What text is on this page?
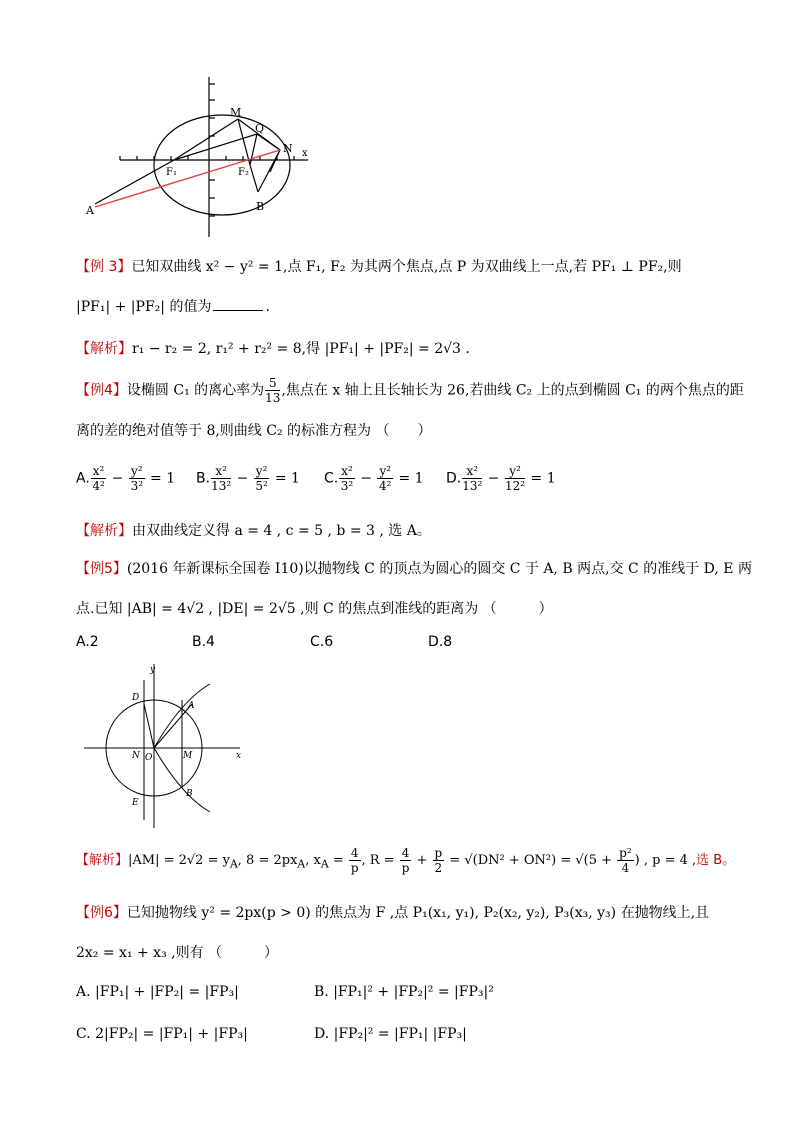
M
Q
N x
F₁	F₂
A	B
【例 3】已知双曲线 x² − y² = 1,点 F₁, F₂ 为其两个焦点,点 P 为双曲线上一点,若 PF₁ ⊥ PF₂,则
|PF₁| + |PF₂| 的值为	.
【解析】r₁ − r₂ = 2, r₁² + r₂² = 8,得 |PF₁| + |PF₂| = 2√3 .
【例4】设椭圆 C₁ 的离心率为 $\frac{5}{13}$ ,焦点在 x 轴上且长轴长为 26,若曲线 C₂ 上的点到椭圆 C₁ 的两个焦点的距
离的差的绝对值等于 8,则曲线 C₂ 的标准方程为 （　　）
A. $\frac{\text{x²}}{\text{4²}} - \frac{\text{y²}}{\text{3²}} = 1$ B. $\frac{\text{x²}}{\text{13²}} - \frac{\text{y²}}{\text{5²}} = 1$ C. $\frac{\text{x²}}{\text{3²}} - \frac{\text{y²}}{\text{4²}} = 1$ D. $\frac{\text{x²}}{\text{13²}} - \frac{\text{y²}}{\text{12²}} = 1$
【解析】由双曲线定义得 a = 4 , c = 5 , b = 3 , 选 A。
【例5】(2016 年新课标全国卷 I10)以抛物线 C 的顶点为圆心的圆交 C 于 A, B 两点,交 C 的准线于 D, E 两
点.已知 |AB| = 4√2 , |DE| = 2√5 ,则 C 的焦点到准线的距离为 （　　　）
A.2	B.4	C.6	D.8
y
D
A
N O	M	x
E
B
【解析】$|AM| = 2√2 = y_A$, $8 = 2px_A$, $x_A = \frac{4}{p}$ , $R = \frac{4}{p} + \frac{p}{2} = √(DN^2 + ON^2) = √(5 + \frac{\text{p²}}{4}$ ) , p = 4 ,选 B。
【例6】已知抛物线 y² = 2px(p > 0) 的焦点为 F ,点 P₁(x₁, y₁), P₂(x₂, y₂), P₃(x₃, y₃) 在抛物线上,且
2x₂ = x₁ + x₃ ,则有 （　　　）
A. |FP₁| + |FP₂| = |FP₃|	B. |FP₁|² + |FP₂|² = |FP₃|²
C. 2|FP₂| = |FP₁| + |FP₃|	D. |FP₂|² = |FP₁| |FP₃|
